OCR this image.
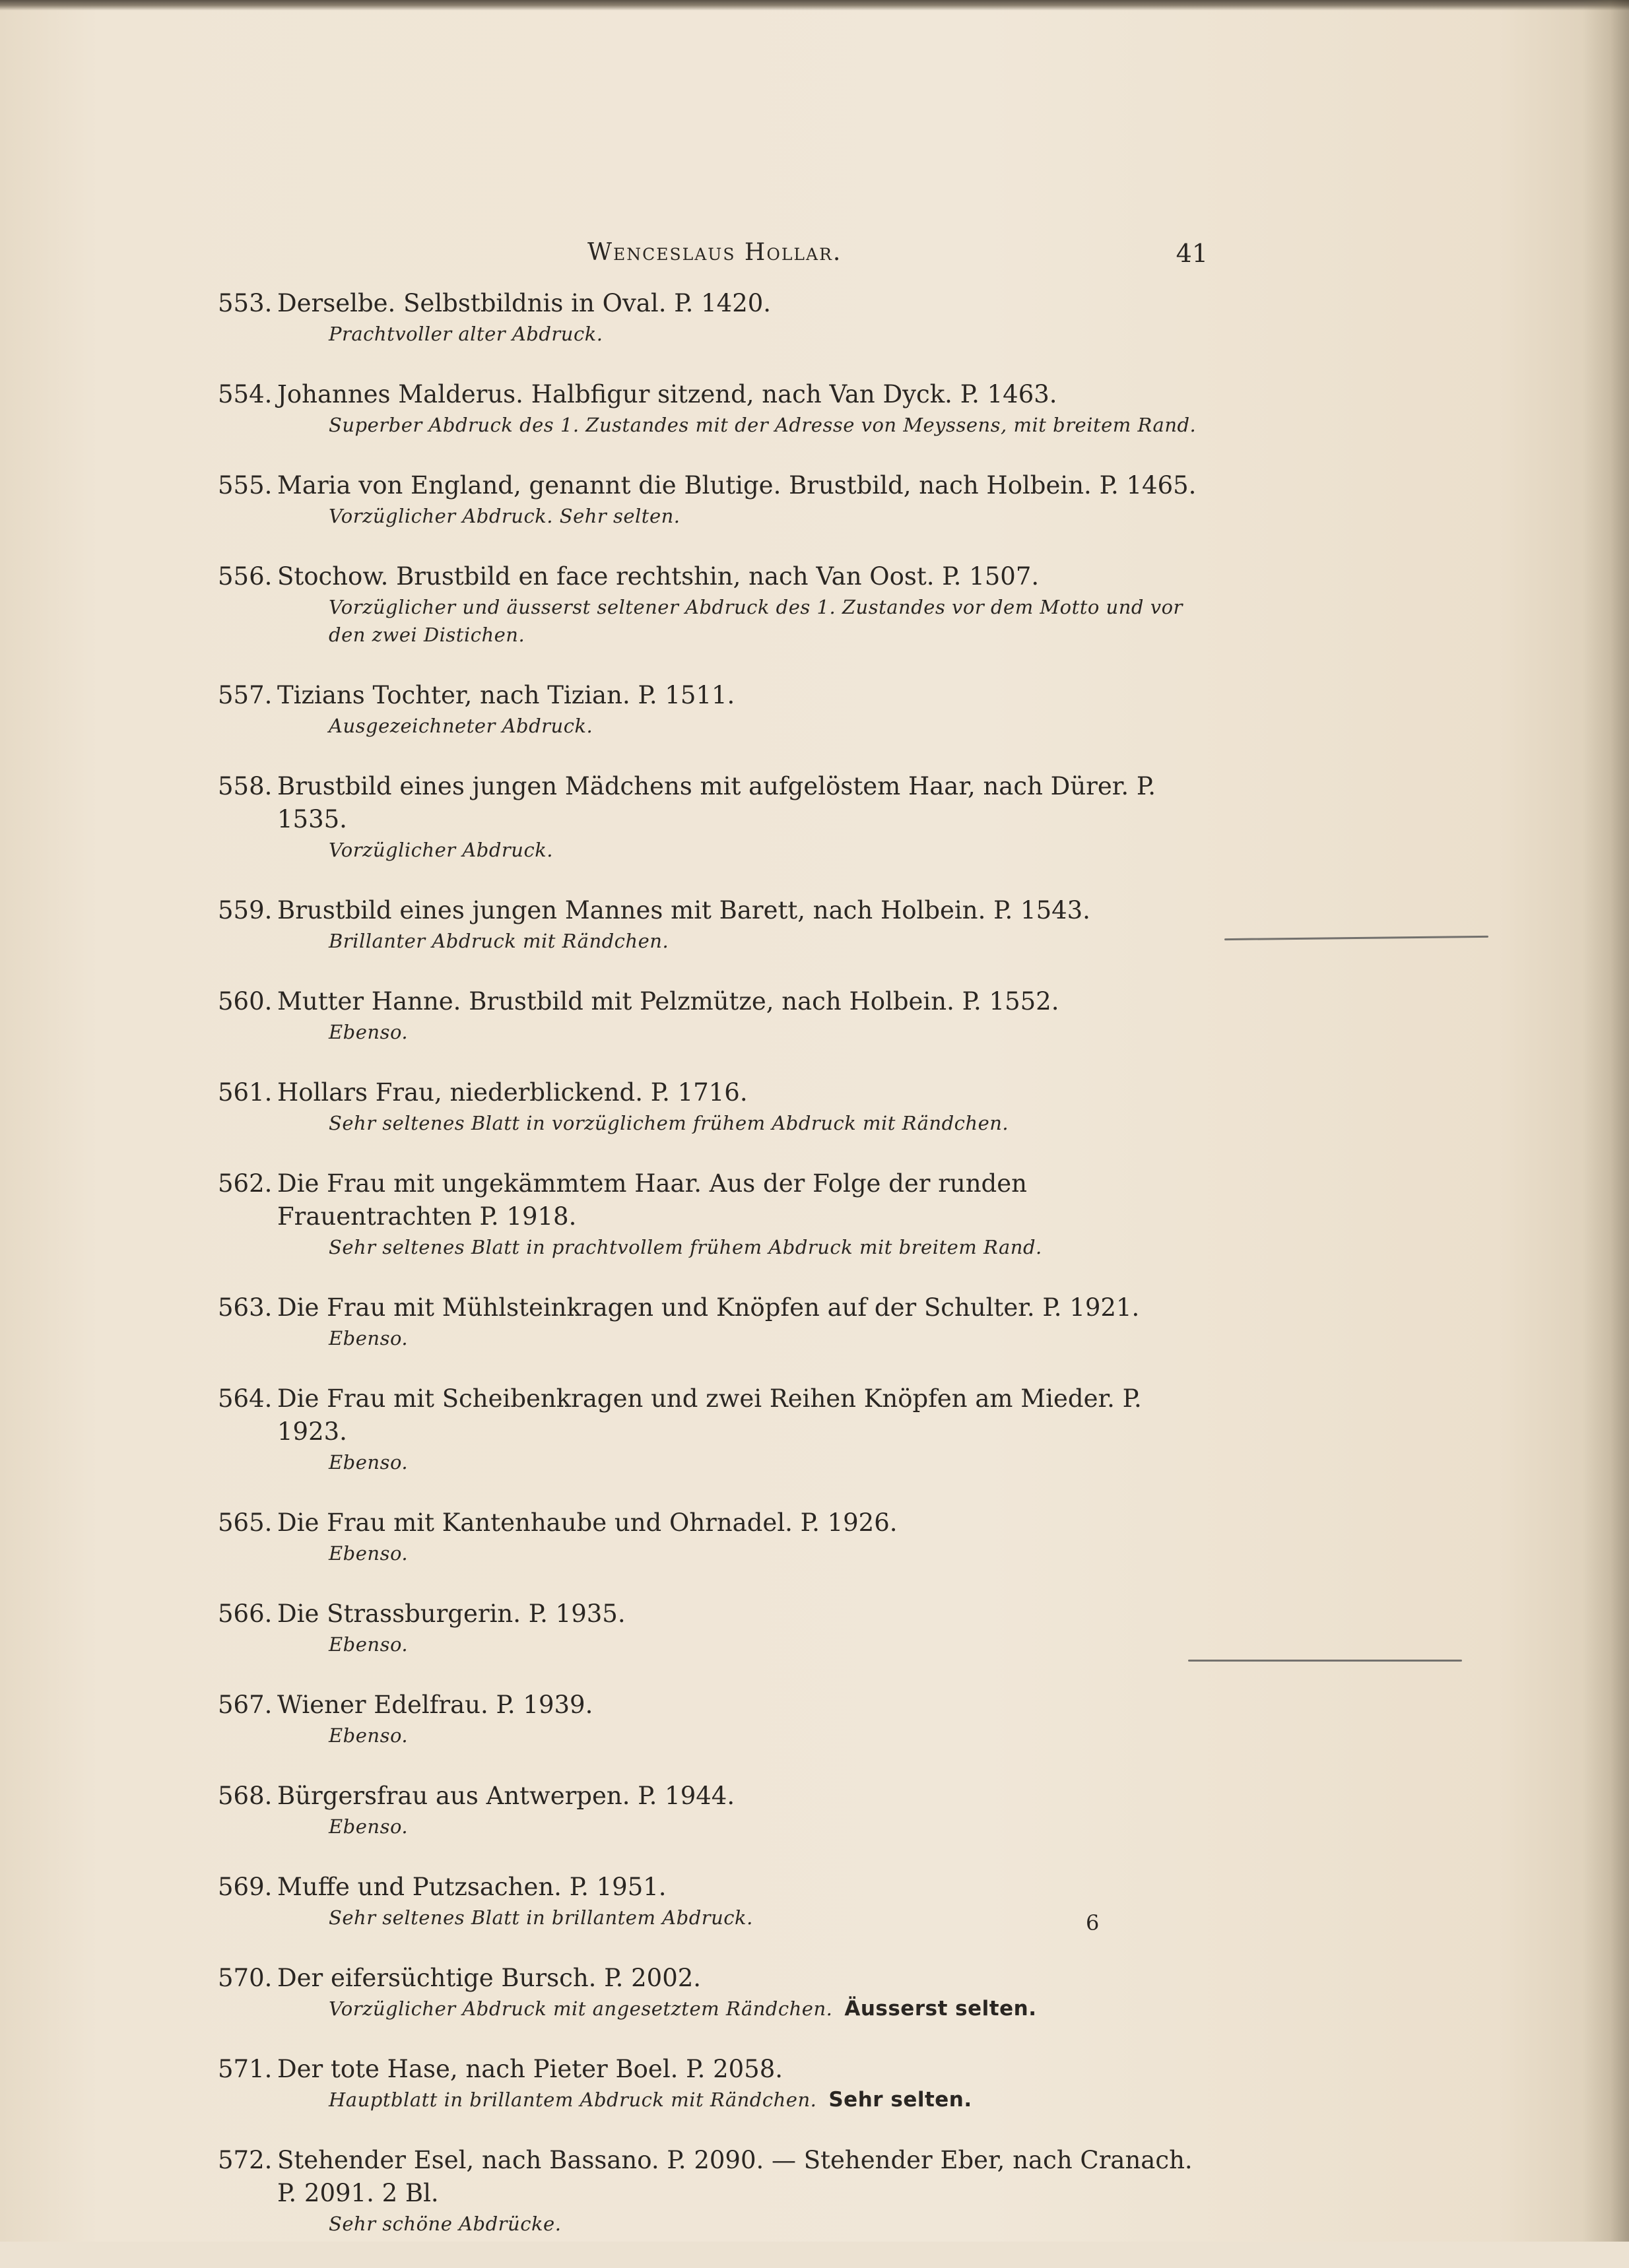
Wenceslaus Hollar.	41
553. Derselbe. Selbstbildnis in Oval. P. 1420.
Prachtvoller alter Abdruck.
554. Johannes Malderus. Halbfigur sitzend, nach Van Dyck. P. 1463.
Superber Abdruck des 1. Zustandes mit der Adresse von Meyssens, mit breitem Rand.
555. Maria von England, genannt die Blutige. Brustbild, nach Holbein. P. 1465.
Vorzüglicher Abdruck. Sehr selten.
556. Stochow. Brustbild en face rechtshin, nach Van Oost. P. 1507.
Vorzüglicher und äusserst seltener Abdruck des 1. Zustandes vor dem Motto und vor den zwei Distichen.
557. Tizians Tochter, nach Tizian. P. 1511.
Ausgezeichneter Abdruck.
558. Brustbild eines jungen Mädchens mit aufgelöstem Haar, nach Dürer. P. 1535.
Vorzüglicher Abdruck.
559. Brustbild eines jungen Mannes mit Barett, nach Holbein. P. 1543.
Brillanter Abdruck mit Rändchen.
560. Mutter Hanne. Brustbild mit Pelzmütze, nach Holbein. P. 1552.
Ebenso.
561. Hollars Frau, niederblickend. P. 1716.
Sehr seltenes Blatt in vorzüglichem frühem Abdruck mit Rändchen.
562. Die Frau mit ungekämmtem Haar. Aus der Folge der runden Frauentrachten P. 1918.
Sehr seltenes Blatt in prachtvollem frühem Abdruck mit breitem Rand.
563. Die Frau mit Mühlsteinkragen und Knöpfen auf der Schulter. P. 1921.
Ebenso.
564. Die Frau mit Scheibenkragen und zwei Reihen Knöpfen am Mieder. P. 1923.
Ebenso.
565. Die Frau mit Kantenhaube und Ohrnadel. P. 1926.
Ebenso.
566. Die Strassburgerin. P. 1935.
Ebenso.
567. Wiener Edelfrau. P. 1939.
Ebenso.
568. Bürgersfrau aus Antwerpen. P. 1944.
Ebenso.
569. Muffe und Putzsachen. P. 1951.
Sehr seltenes Blatt in brillantem Abdruck.
570. Der eifersüchtige Bursch. P. 2002.
Vorzüglicher Abdruck mit angesetztem Rändchen. Äusserst selten.
571. Der tote Hase, nach Pieter Boel. P. 2058.
Hauptblatt in brillantem Abdruck mit Rändchen. Sehr selten.
572. Stehender Esel, nach Bassano. P. 2090. — Stehender Eber, nach Cranach. P. 2091. 2 Bl.
Sehr schöne Abdrücke.
6
